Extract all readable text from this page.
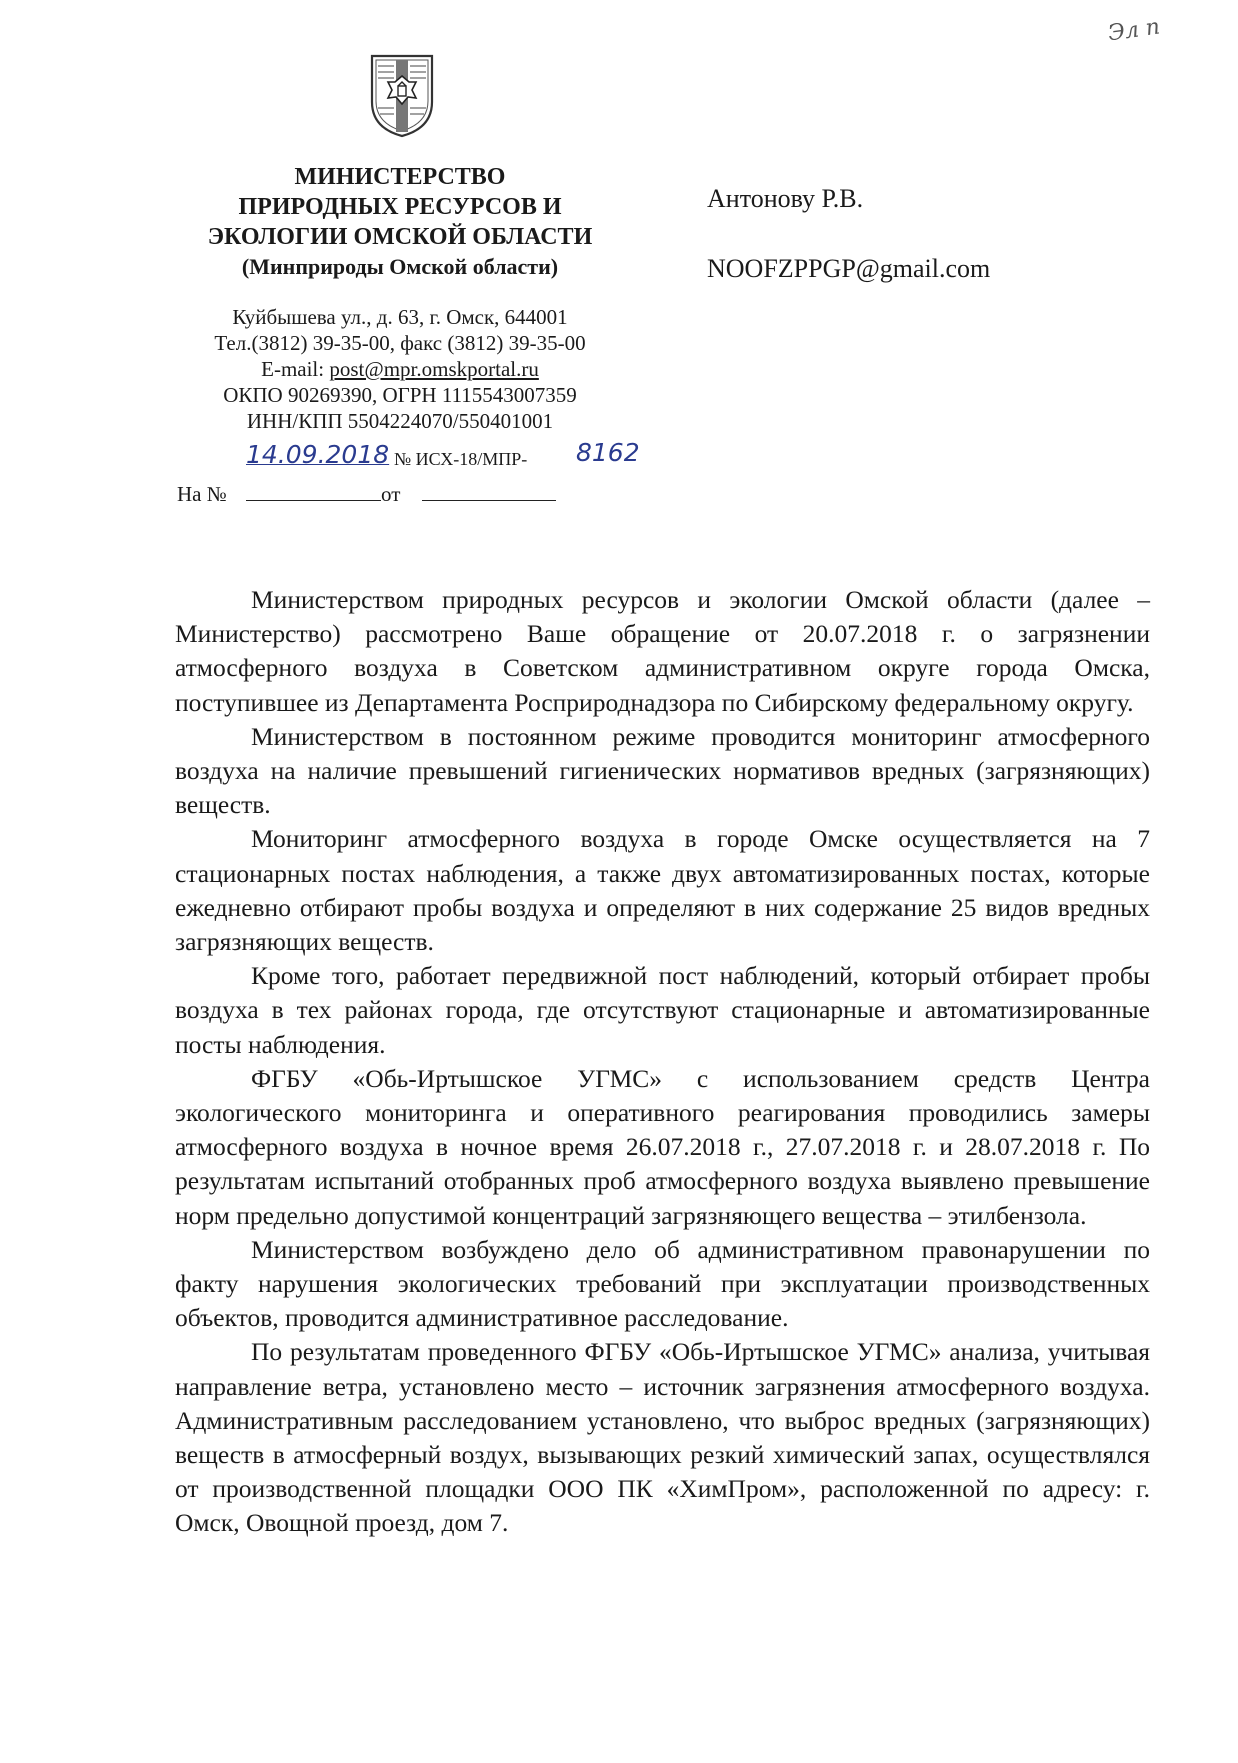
Эл п
МИНИСТЕРСТВО
ПРИРОДНЫХ РЕСУРСОВ И
ЭКОЛОГИИ ОМСКОЙ ОБЛАСТИ
(Минприроды Омской области)
Куйбышева ул., д. 63, г. Омск, 644001
Тел.(3812) 39-35-00, факс (3812) 39-35-00
E-mail: post@mpr.omskportal.ru
ОКПО 90269390, ОГРН 1115543007359
ИНН/КПП 5504224070/550401001
14.09.2018 № ИСХ-18/МПР- 8162
На №	от
Антонову Р.В.
NOOFZPPGP@gmail.com

Министерством природных ресурсов и экологии Омской области (далее – Министерство) рассмотрено Ваше обращение от 20.07.2018 г. о загрязнении атмосферного воздуха в Советском административном округе города Омска, поступившее из Департамента Росприроднадзора по Сибирскому федеральному округу.

Министерством в постоянном режиме проводится мониторинг атмосферного воздуха на наличие превышений гигиенических нормативов вредных (загрязняющих) веществ.

Мониторинг атмосферного воздуха в городе Омске осуществляется на 7 стационарных постах наблюдения, а также двух автоматизированных постах, которые ежедневно отбирают пробы воздуха и определяют в них содержание 25 видов вредных загрязняющих веществ.

Кроме того, работает передвижной пост наблюдений, который отбирает пробы воздуха в тех районах города, где отсутствуют стационарные и автоматизированные посты наблюдения.

ФГБУ «Обь-Иртышское УГМС» с использованием средств Центра экологического мониторинга и оперативного реагирования проводились замеры атмосферного воздуха в ночное время 26.07.2018 г., 27.07.2018 г. и 28.07.2018 г. По результатам испытаний отобранных проб атмосферного воздуха выявлено превышение норм предельно допустимой концентраций загрязняющего вещества – этилбензола.

Министерством возбуждено дело об административном правонарушении по факту нарушения экологических требований при эксплуатации производственных объектов, проводится административное расследование.

По результатам проведенного ФГБУ «Обь-Иртышское УГМС» анализа, учитывая направление ветра, установлено место – источник загрязнения атмосферного воздуха. Административным расследованием установлено, что выброс вредных (загрязняющих) веществ в атмосферный воздух, вызывающих резкий химический запах, осуществлялся от производственной площадки ООО ПК «ХимПром», расположенной по адресу: г. Омск, Овощной проезд, дом 7.
